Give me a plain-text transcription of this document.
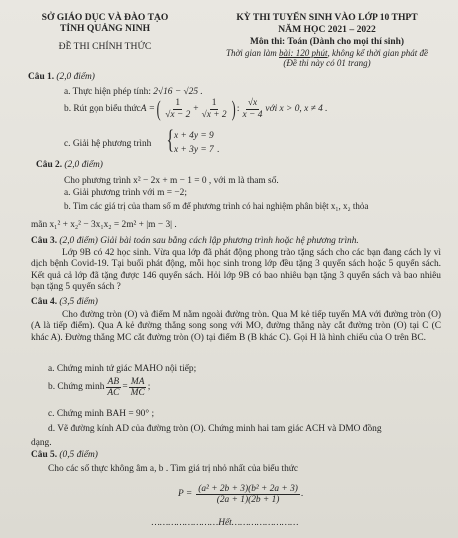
SỞ GIÁO DỤC VÀ ĐÀO TẠO
TỈNH QUẢNG NINH
ĐỀ THI CHÍNH THỨC
KỲ THI TUYỂN SINH VÀO LỚP 10 THPT
NĂM HỌC 2021 – 2022
Môn thi: Toán (Dành cho mọi thí sinh)
Thời gian làm bài: 120 phút, không kể thời gian phát đề
(Đề thi này có 01 trang)
Câu 1. (2,0 điểm)
a. Thực hiện phép tính: 2√16 − √25 .
b. Rút gọn biểu thức A = ( $\frac{1}{√x - 2} + \frac{1}{√x + 2}$ ) : $\frac{√x}{x - 4}$ với x > 0, x ≠ 4 .
c. Giải hệ phương trình { x + 4y = 9
x + 3y = 7 .
Câu 2. (2,0 điểm)
Cho phương trình x² − 2x + m − 1 = 0 , với m là tham số.
a. Giải phương trình với m = −2;
b. Tìm các giá trị của tham số m để phương trình có hai nghiệm phân biệt x₁, x₂ thỏa
mãn x₁² + x₂² − 3x₁x₂ = 2m² + |m − 3| .
Câu 3. (2,0 điểm) Giải bài toán sau bằng cách lập phương trình hoặc hệ phương trình.
Lớp 9B có 42 học sinh. Vừa qua lớp đã phát động phong trào tặng sách cho các bạn đang cách ly vì dịch bệnh Covid-19. Tại buổi phát động, mỗi học sinh trong lớp đều tặng 3 quyển sách hoặc 5 quyển sách. Kết quả cả lớp đã tặng được 146 quyển sách. Hỏi lớp 9B có bao nhiêu bạn tặng 3 quyển sách và bao nhiêu bạn tặng 5 quyển sách ?
Câu 4. (3,5 điểm)
Cho đường tròn (O) và điểm M nằm ngoài đường tròn. Qua M kẻ tiếp tuyến MA với đường tròn (O) (A là tiếp điểm). Qua A kẻ đường thẳng song song với MO, đường thẳng này cắt đường tròn (O) tại C (C khác A). Đường thẳng MC cắt đường tròn (O) tại điểm B (B khác C). Gọi H là hình chiếu của O trên BC.
a. Chứng minh tứ giác MAHO nội tiếp;
b. Chứng minh $\frac{AB}{AC} = \frac{MA}{MC}$ ;
c. Chứng minh BAH = 90° ;
d. Vẽ đường kính AD của đường tròn (O). Chứng minh hai tam giác ACH và DMO đồng
dạng.
Câu 5. (0,5 điểm)
Cho các số thực không âm a, b . Tìm giá trị nhỏ nhất của biểu thức
$P = \frac{\text{(a² + 2b + 3)(b² + 2a + 3)}}{(2a + 1)(2b + 1)}$ .
……………………Hết……………………
